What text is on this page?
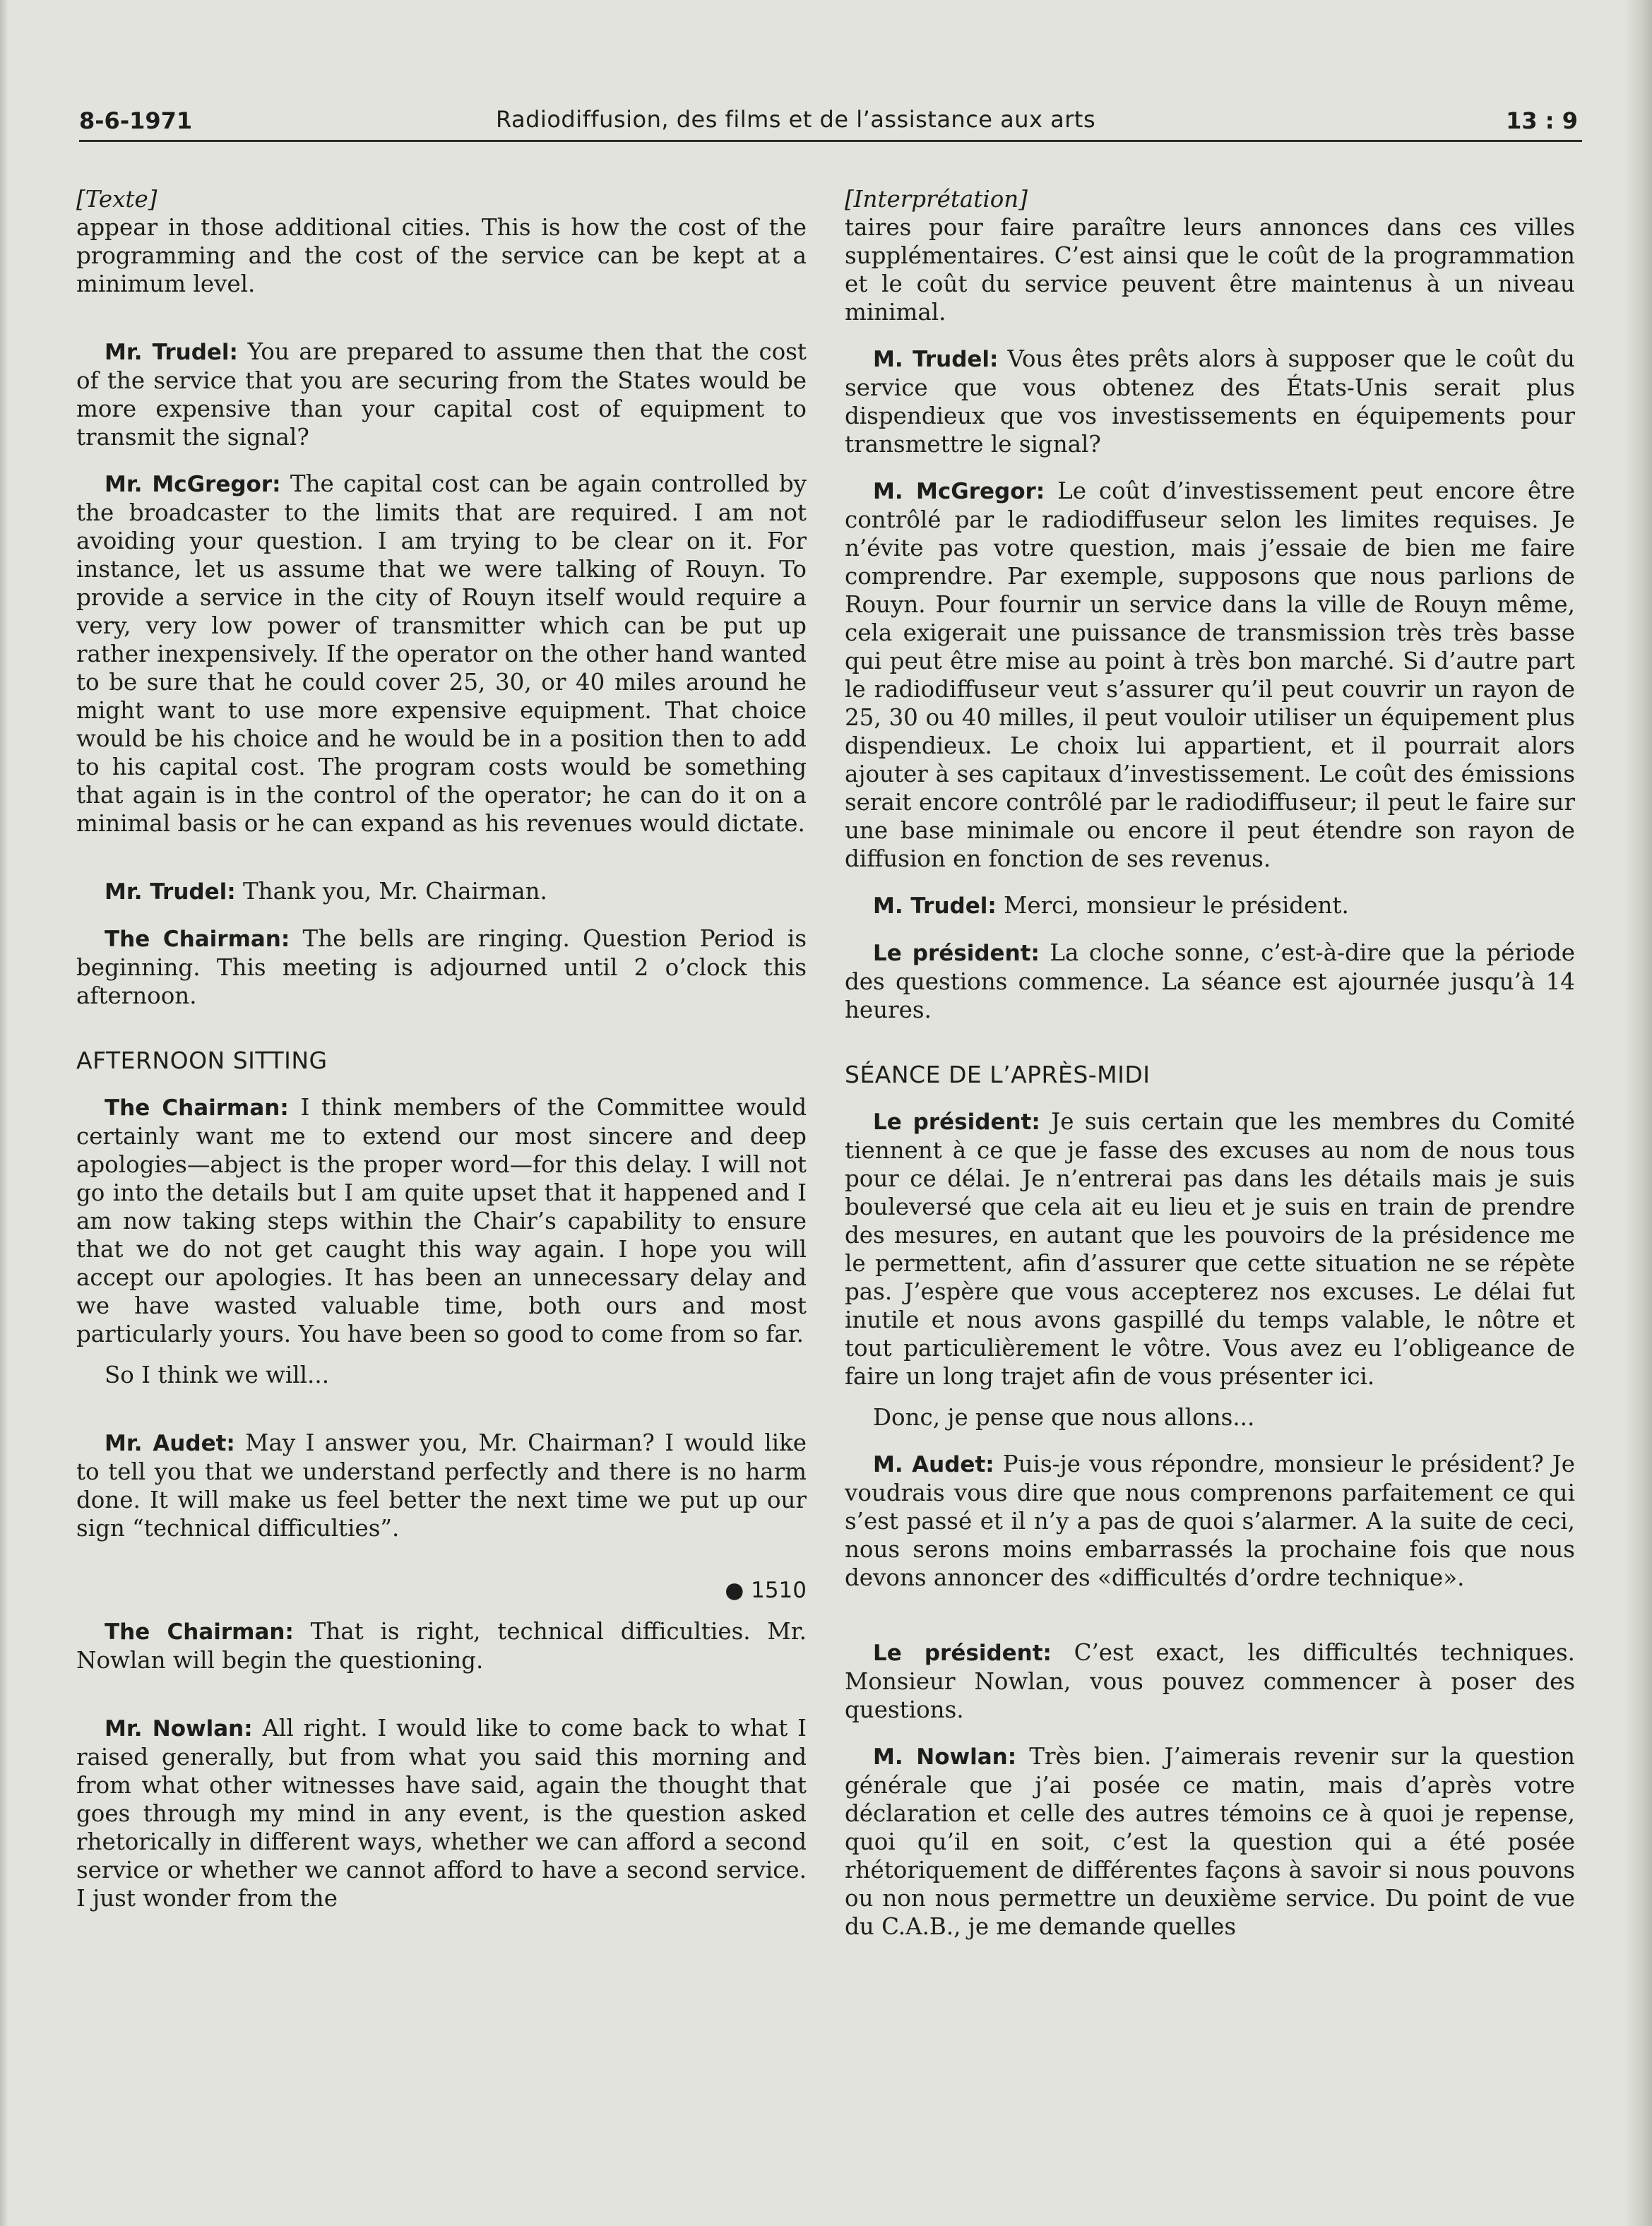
8-6-1971	Radiodiffusion, des films et de l’assistance aux arts	13 : 9
[Texte]

appear in those additional cities. This is how the cost of the programming and the cost of the service can be kept at a minimum level.

Mr. Trudel: You are prepared to assume then that the cost of the service that you are securing from the States would be more expensive than your capital cost of equipment to transmit the signal?

Mr. McGregor: The capital cost can be again controlled by the broadcaster to the limits that are required. I am not avoiding your question. I am trying to be clear on it. For instance, let us assume that we were talking of Rouyn. To provide a service in the city of Rouyn itself would require a very, very low power of transmitter which can be put up rather inexpensively. If the operator on the other hand wanted to be sure that he could cover 25, 30, or 40 miles around he might want to use more expensive equipment. That choice would be his choice and he would be in a position then to add to his capital cost. The program costs would be something that again is in the control of the operator; he can do it on a minimal basis or he can expand as his revenues would dictate.

Mr. Trudel: Thank you, Mr. Chairman.

The Chairman: The bells are ringing. Question Period is beginning. This meeting is adjourned until 2 o’clock this afternoon.

AFTERNOON SITTING

The Chairman: I think members of the Committee would certainly want me to extend our most sincere and deep apologies—abject is the proper word—for this delay. I will not go into the details but I am quite upset that it happened and I am now taking steps within the Chair’s capability to ensure that we do not get caught this way again. I hope you will accept our apologies. It has been an unnecessary delay and we have wasted valuable time, both ours and most particularly yours. You have been so good to come from so far.

So I think we will...

Mr. Audet: May I answer you, Mr. Chairman? I would like to tell you that we understand perfectly and there is no harm done. It will make us feel better the next time we put up our sign “technical difficulties”.

● 1510

The Chairman: That is right, technical difficulties. Mr. Nowlan will begin the questioning.

Mr. Nowlan: All right. I would like to come back to what I raised generally, but from what you said this morning and from what other witnesses have said, again the thought that goes through my mind in any event, is the question asked rhetorically in different ways, whether we can afford a second service or whether we cannot afford to have a second service. I just wonder from the

[Interprétation]

taires pour faire paraître leurs annonces dans ces villes supplémentaires. C’est ainsi que le coût de la programmation et le coût du service peuvent être maintenus à un niveau minimal.

M. Trudel: Vous êtes prêts alors à supposer que le coût du service que vous obtenez des États-Unis serait plus dispendieux que vos investissements en équipements pour transmettre le signal?

M. McGregor: Le coût d’investissement peut encore être contrôlé par le radiodiffuseur selon les limites requises. Je n’évite pas votre question, mais j’essaie de bien me faire comprendre. Par exemple, supposons que nous parlions de Rouyn. Pour fournir un service dans la ville de Rouyn même, cela exigerait une puissance de transmission très très basse qui peut être mise au point à très bon marché. Si d’autre part le radiodiffuseur veut s’assurer qu’il peut couvrir un rayon de 25, 30 ou 40 milles, il peut vouloir utiliser un équipement plus dispendieux. Le choix lui appartient, et il pourrait alors ajouter à ses capitaux d’investissement. Le coût des émissions serait encore contrôlé par le radiodiffuseur; il peut le faire sur une base minimale ou encore il peut étendre son rayon de diffusion en fonction de ses revenus.

M. Trudel: Merci, monsieur le président.

Le président: La cloche sonne, c’est-à-dire que la période des questions commence. La séance est ajournée jusqu’à 14 heures.

SÉANCE DE L’APRÈS-MIDI

Le président: Je suis certain que les membres du Comité tiennent à ce que je fasse des excuses au nom de nous tous pour ce délai. Je n’entrerai pas dans les détails mais je suis bouleversé que cela ait eu lieu et je suis en train de prendre des mesures, en autant que les pouvoirs de la présidence me le permettent, afin d’assurer que cette situation ne se répète pas. J’espère que vous accepterez nos excuses. Le délai fut inutile et nous avons gaspillé du temps valable, le nôtre et tout particulièrement le vôtre. Vous avez eu l’obligeance de faire un long trajet afin de vous présenter ici.

Donc, je pense que nous allons...

M. Audet: Puis-je vous répondre, monsieur le président? Je voudrais vous dire que nous comprenons parfaitement ce qui s’est passé et il n’y a pas de quoi s’alarmer. A la suite de ceci, nous serons moins embarrassés la prochaine fois que nous devons annoncer des «difficultés d’ordre technique».

Le président: C’est exact, les difficultés techniques. Monsieur Nowlan, vous pouvez commencer à poser des questions.

M. Nowlan: Très bien. J’aimerais revenir sur la question générale que j’ai posée ce matin, mais d’après votre déclaration et celle des autres témoins ce à quoi je repense, quoi qu’il en soit, c’est la question qui a été posée rhétoriquement de différentes façons à savoir si nous pouvons ou non nous permettre un deuxième service. Du point de vue du C.A.B., je me demande quelles
